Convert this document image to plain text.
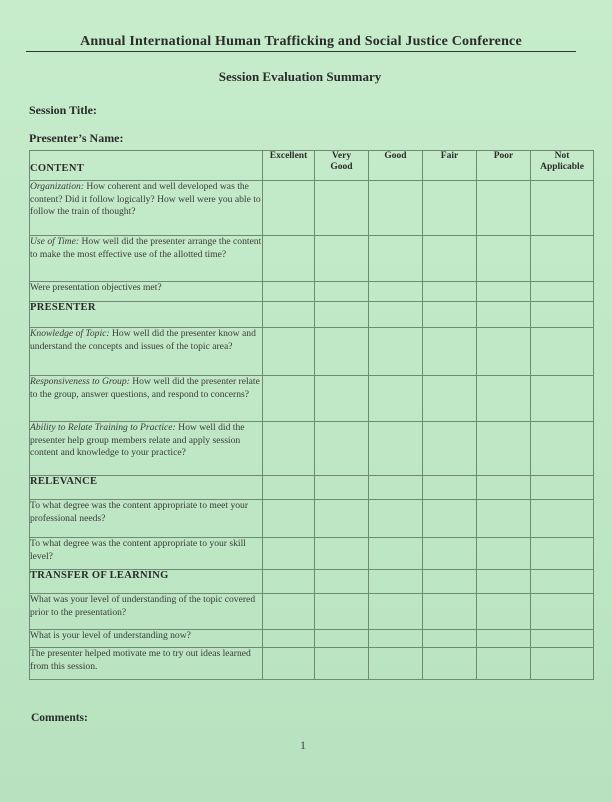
Annual International Human Trafficking and Social Justice Conference
Session Evaluation Summary
Session Title:
Presenter’s Name:
CONTENT	Excellent	Very Good	Good	Fair	Poor	Not Applicable
Organization: How coherent and well developed was the content? Did it follow logically? How well were you able to follow the train of thought?						
Use of Time: How well did the presenter arrange the content to make the most effective use of the allotted time?						
Were presentation objectives met?						
PRESENTER						
Knowledge of Topic: How well did the presenter know and understand the concepts and issues of the topic area?						
Responsiveness to Group: How well did the presenter relate to the group, answer questions, and respond to concerns?						
Ability to Relate Training to Practice: How well did the presenter help group members relate and apply session content and knowledge to your practice?						
RELEVANCE						
To what degree was the content appropriate to meet your professional needs?						
To what degree was the content appropriate to your skill level?						
TRANSFER OF LEARNING						
What was your level of understanding of the topic covered prior to the presentation?						
What is your level of understanding now?						
The presenter helped motivate me to try out ideas learned from this session.						
Comments:
1
